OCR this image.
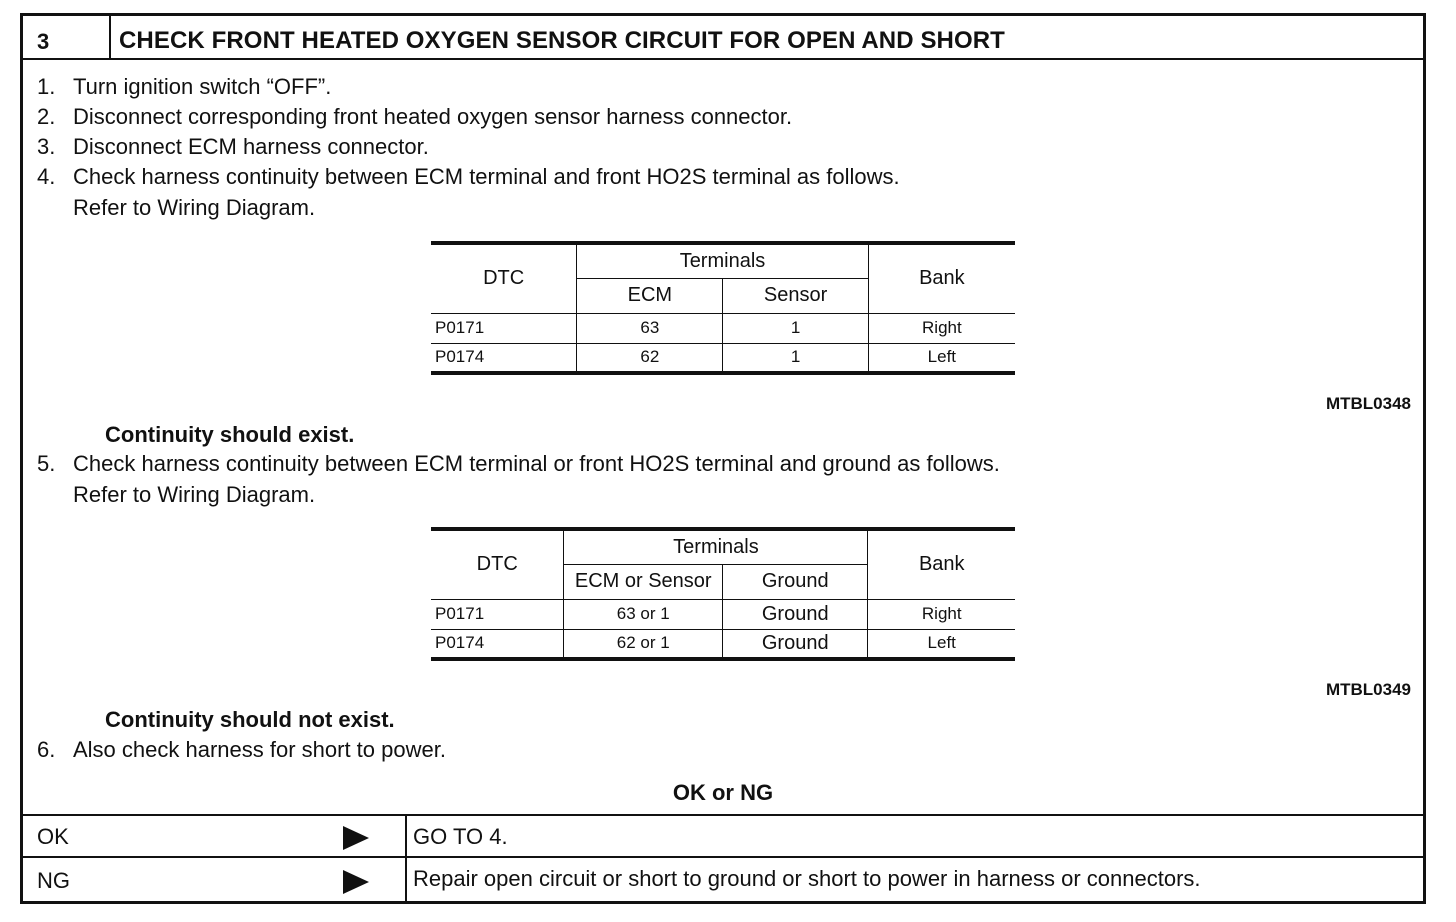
3	CHECK FRONT HEATED OXYGEN SENSOR CIRCUIT FOR OPEN AND SHORT
1. Turn ignition switch “OFF”.
2. Disconnect corresponding front heated oxygen sensor harness connector.
3. Disconnect ECM harness connector.
4. Check harness continuity between ECM terminal and front HO2S terminal as follows.
Refer to Wiring Diagram.
DTC	Terminals		Bank
	ECM	Sensor	
P0171	63	1	Right
P0174	62	1	Left
MTBL0348
Continuity should exist.
5. Check harness continuity between ECM terminal or front HO2S terminal and ground as follows.
Refer to Wiring Diagram.
DTC	Terminals		Bank
	ECM or Sensor	Ground	
P0171	63 or 1	Ground	Right
P0174	62 or 1	Ground	Left
MTBL0349
Continuity should not exist.
6. Also check harness for short to power.
OK or NG
OK	GO TO 4.
NG	Repair open circuit or short to ground or short to power in harness or connectors.
